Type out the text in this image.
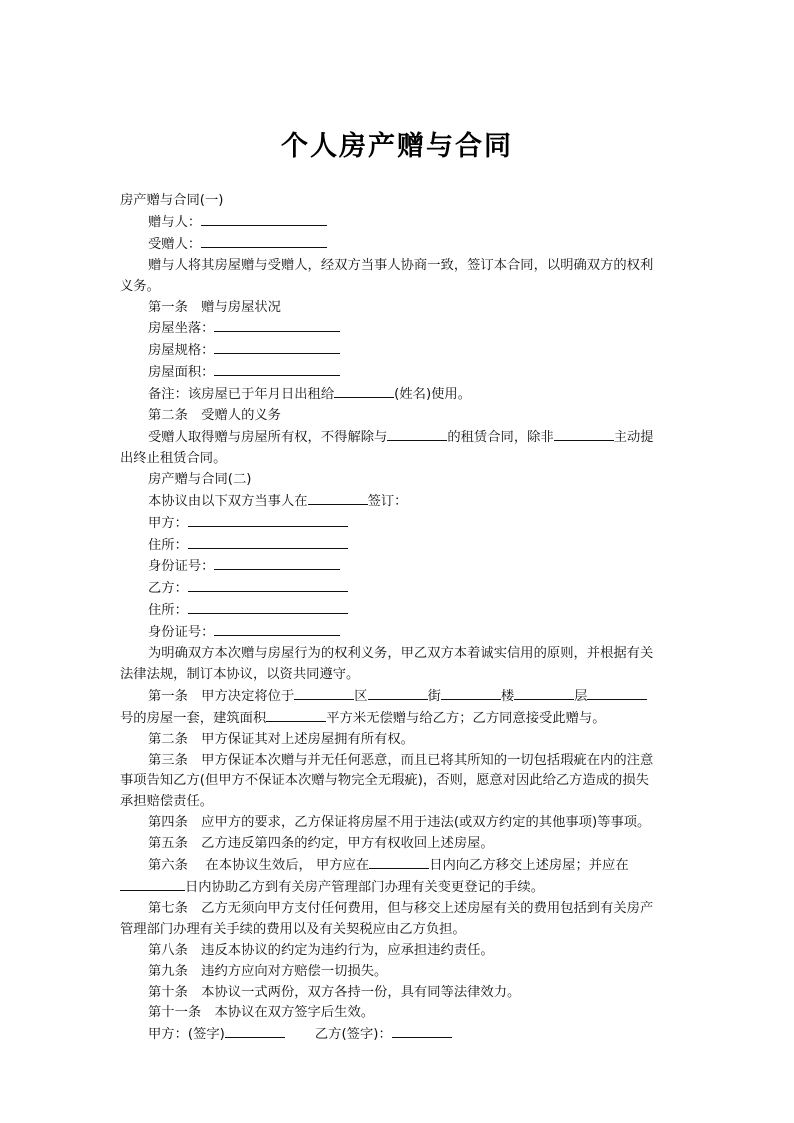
个人房产赠与合同
房产赠与合同(一)
赠与人：
受赠人：
赠与人将其房屋赠与受赠人，经双方当事人协商一致，签订本合同，以明确双方的权利
义务。
第一条　赠与房屋状况
房屋坐落：
房屋规格：
房屋面积：
备注：该房屋已于年月日出租给	(姓名)使用。
第二条　受赠人的义务
受赠人取得赠与房屋所有权，不得解除与	的租赁合同，除非	主动提
出终止租赁合同。
房产赠与合同(二)
本协议由以下双方当事人在	签订：
甲方：
住所：
身份证号：
乙方：
住所：
身份证号：
为明确双方本次赠与房屋行为的权利义务，甲乙双方本着诚实信用的原则，并根据有关
法律法规，制订本协议，以资共同遵守。
第一条　甲方决定将位于	区	街	楼	层
号的房屋一套，建筑面积	平方米无偿赠与给乙方；乙方同意接受此赠与。
第二条　甲方保证其对上述房屋拥有所有权。
第三条　甲方保证本次赠与并无任何恶意，而且已将其所知的一切包括瑕疵在内的注意
事项告知乙方(但甲方不保证本次赠与物完全无瑕疵)，否则，愿意对因此给乙方造成的损失
承担赔偿责任。
第四条　应甲方的要求，乙方保证将房屋不用于违法(或双方约定的其他事项)等事项。
第五条　乙方违反第四条的约定，甲方有权收回上述房屋。
第六条　 在本协议生效后， 甲方应在	日内向乙方移交上述房屋；并应在
日内协助乙方到有关房产管理部门办理有关变更登记的手续。
第七条　乙方无须向甲方支付任何费用，但与移交上述房屋有关的费用包括到有关房产
管理部门办理有关手续的费用以及有关契税应由乙方负担。
第八条　违反本协议的约定为违约行为，应承担违约责任。
第九条　违约方应向对方赔偿一切损失。
第十条　本协议一式两份，双方各持一份，具有同等法律效力。
第十一条　本协议在双方签字后生效。
甲方：(签字)	乙方(签字)：
